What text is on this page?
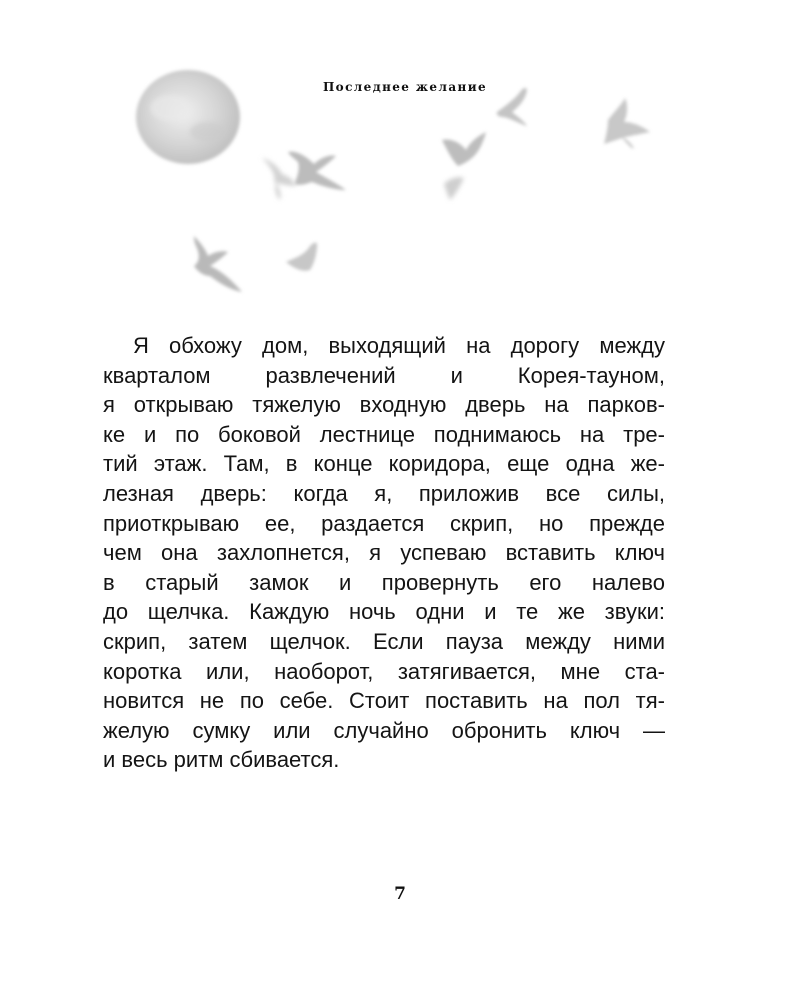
Последнее желание
Я обхожу дом, выходящий на дорогу между
кварталом развлечений и Корея-тауном,
я открываю тяжелую входную дверь на парков-
ке и по боковой лестнице поднимаюсь на тре-
тий этаж. Там, в конце коридора, еще одна же-
лезная дверь: когда я, приложив все силы,
приоткрываю ее, раздается скрип, но прежде
чем она захлопнется, я успеваю вставить ключ
в старый замок и провернуть его налево
до щелчка. Каждую ночь одни и те же звуки:
скрип, затем щелчок. Если пауза между ними
коротка или, наоборот, затягивается, мне ста-
новится не по себе. Стоит поставить на пол тя-
желую сумку или случайно обронить ключ —
и весь ритм сбивается.
7
